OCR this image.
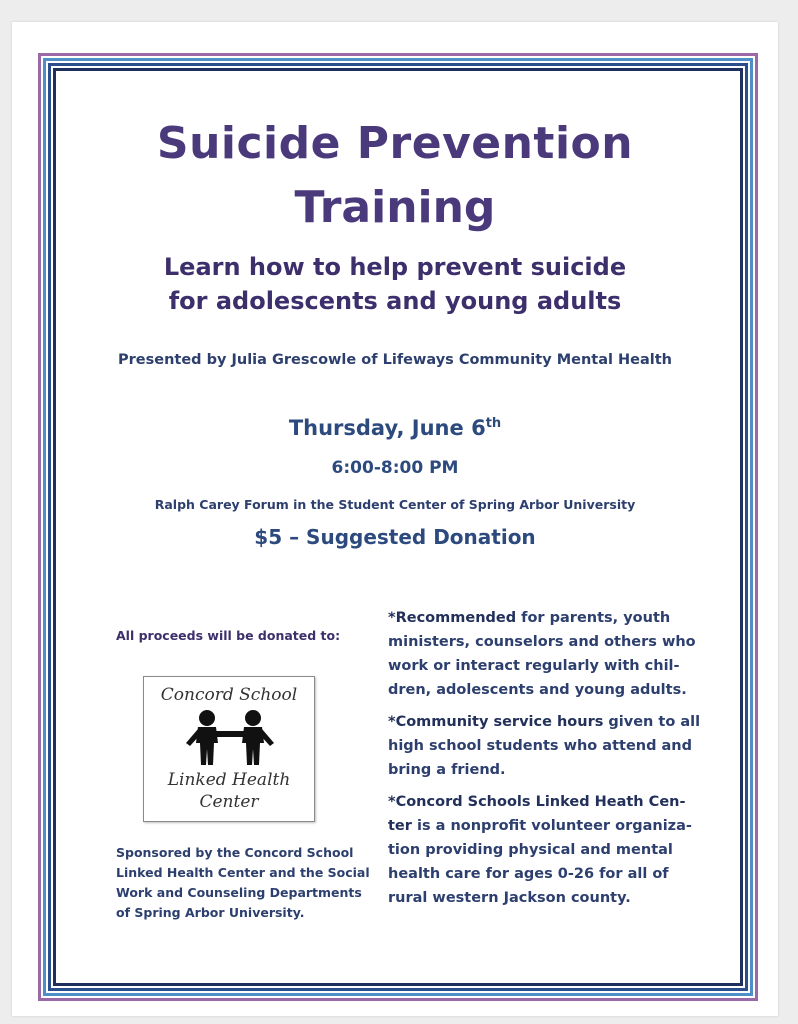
Suicide Prevention
Training
Learn how to help prevent suicide
for adolescents and young adults
Presented by Julia Grescowle of Lifeways Community Mental Health
Thursday, June 6th
6:00-8:00 PM
Ralph Carey Forum in the Student Center of Spring Arbor University
$5 – Suggested Donation
All proceeds will be donated to:
Concord School
Linked Health
Center
Sponsored by the Concord School Linked Health Center and the Social Work and Counseling Departments of Spring Arbor University.
*Recommended for parents, youth ministers, counselors and others who work or interact regularly with chil-dren, adolescents and young adults.
*Community service hours given to all high school students who attend and bring a friend.
*Concord Schools Linked Heath Cen-ter is a nonprofit volunteer organiza-tion providing physical and mental health care for ages 0-26 for all of rural western Jackson county.
